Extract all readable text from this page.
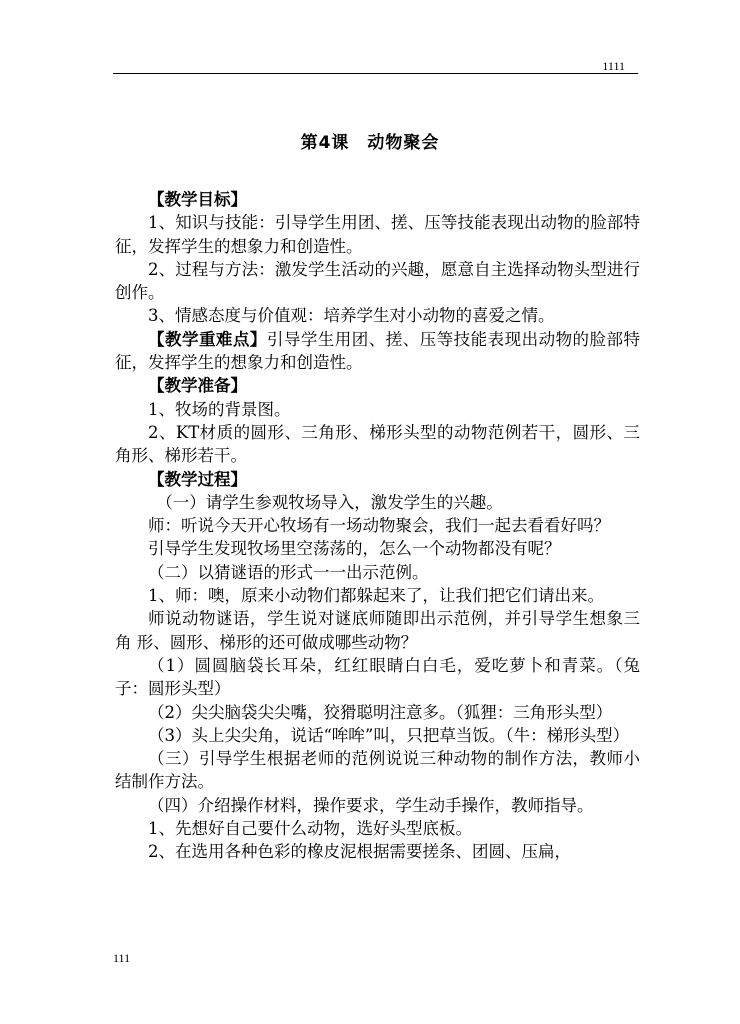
1111
第4课　动物聚会

【教学目标】

1、知识与技能：引导学生用团、搓、压等技能表现出动物的脸部特征，发挥学生的想象力和创造性。

2、过程与方法：激发学生活动的兴趣，愿意自主选择动物头型进行创作。

3、情感态度与价值观：培养学生对小动物的喜爱之情。

【教学重难点】引导学生用团、搓、压等技能表现出动物的脸部特征，发挥学生的想象力和创造性。

【教学准备】

1、牧场的背景图。

2、KT材质的圆形、三角形、梯形头型的动物范例若干，圆形、三角形、梯形若干。

【教学过程】

（一）请学生参观牧场导入，激发学生的兴趣。

师：听说今天开心牧场有一场动物聚会，我们一起去看看好吗？

引导学生发现牧场里空荡荡的，怎么一个动物都没有呢？

（二）以猜谜语的形式一一出示范例。

1、师：噢，原来小动物们都躲起来了，让我们把它们请出来。

师说动物谜语，学生说对谜底师随即出示范例，并引导学生想象三角 形、圆形、梯形的还可做成哪些动物？

（1）圆圆脑袋长耳朵，红红眼睛白白毛，爱吃萝卜和青菜。（兔子：圆形头型）

（2）尖尖脑袋尖尖嘴，狡猾聪明注意多。（狐狸：三角形头型）

（3）头上尖尖角，说话“哞哞”叫，只把草当饭。（牛：梯形头型）

（三）引导学生根据老师的范例说说三种动物的制作方法，教师小结制作方法。

（四）介绍操作材料，操作要求，学生动手操作，教师指导。

1、先想好自己要什么动物，选好头型底板。

2、在选用各种色彩的橡皮泥根据需要搓条、团圆、压扁，

111
